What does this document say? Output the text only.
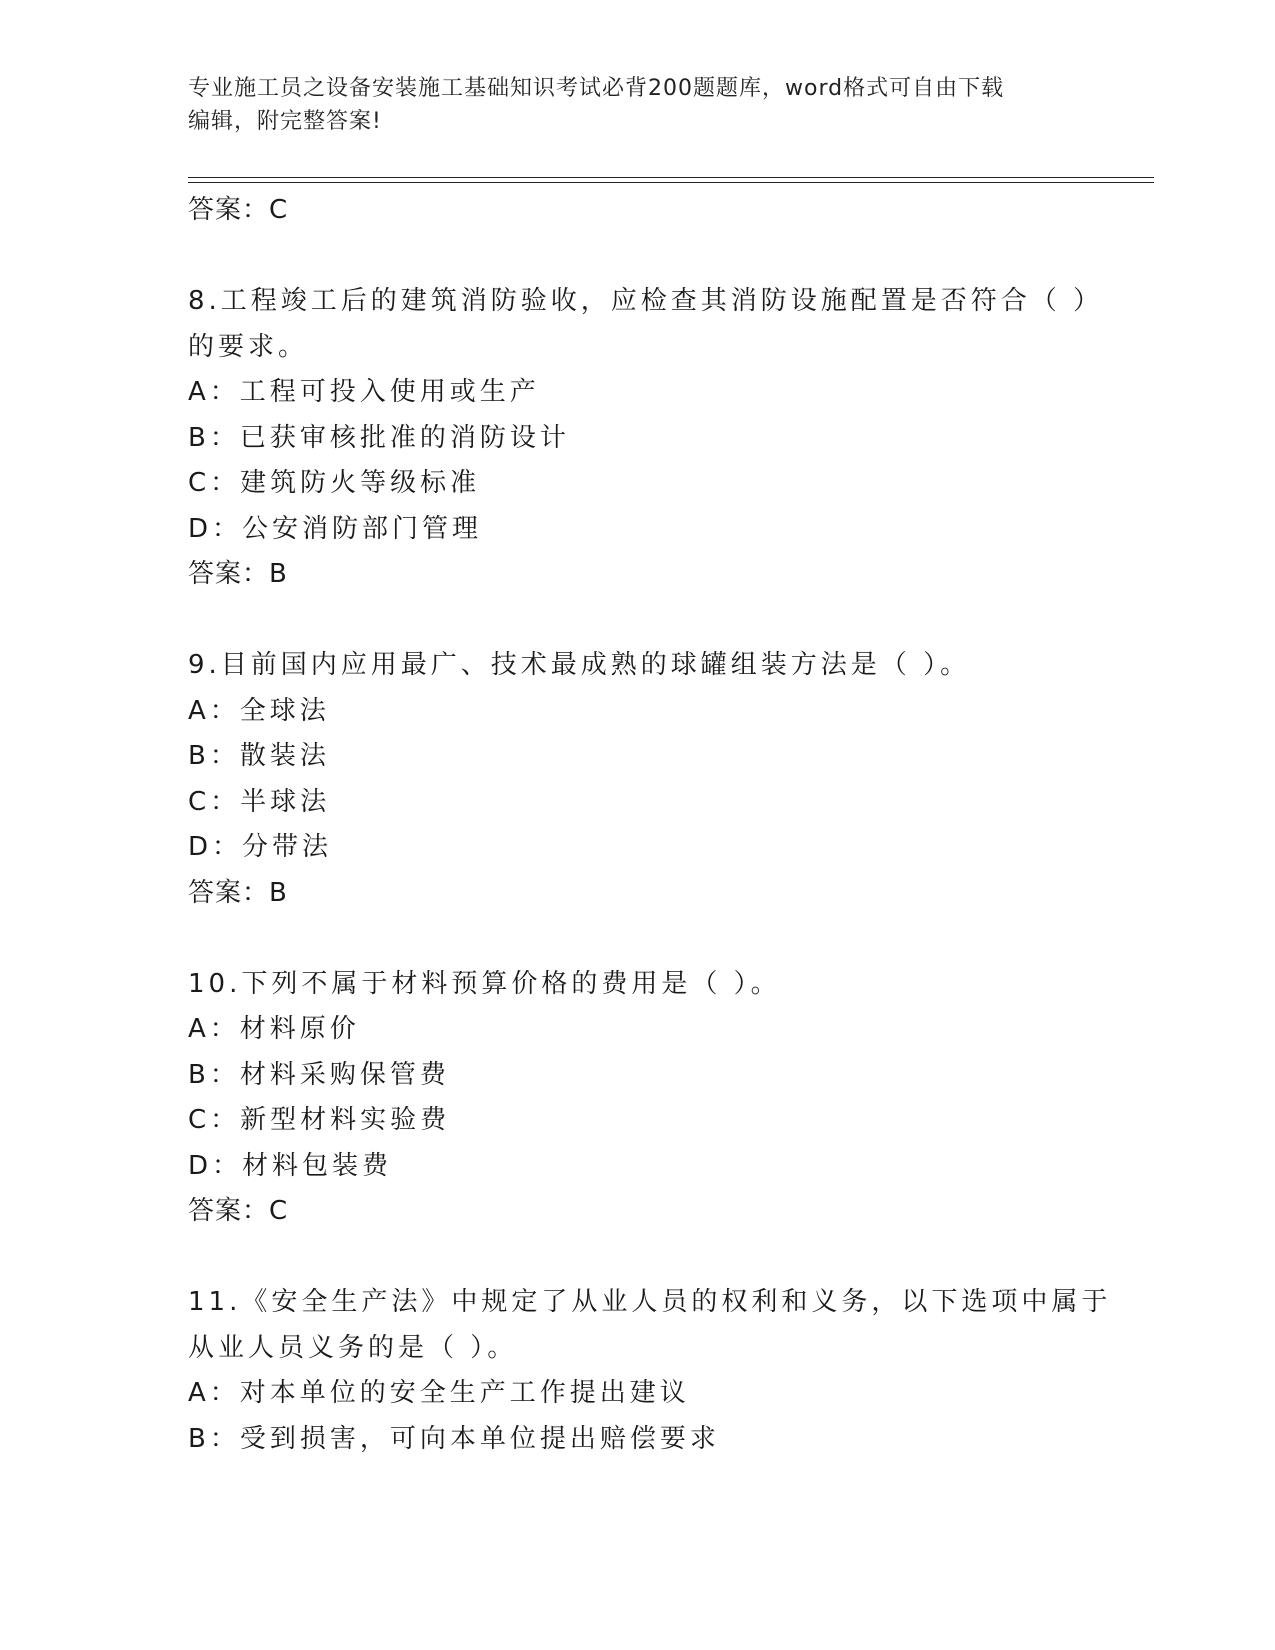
专业施工员之设备安装施工基础知识考试必背200题题库，word格式可自由下载
编辑，附完整答案!
答案：C
8.工程竣工后的建筑消防验收，应检查其消防设施配置是否符合（ ）
的要求。
A：工程可投入使用或生产
B：已获审核批准的消防设计
C：建筑防火等级标准
D：公安消防部门管理
答案：B
9.目前国内应用最广、技术最成熟的球罐组装方法是（ ）。
A：全球法
B：散装法
C：半球法
D：分带法
答案：B
10.下列不属于材料预算价格的费用是（ ）。
A：材料原价
B：材料采购保管费
C：新型材料实验费
D：材料包装费
答案：C
11.《安全生产法》中规定了从业人员的权利和义务，以下选项中属于
从业人员义务的是（ ）。
A：对本单位的安全生产工作提出建议
B：受到损害，可向本单位提出赔偿要求
